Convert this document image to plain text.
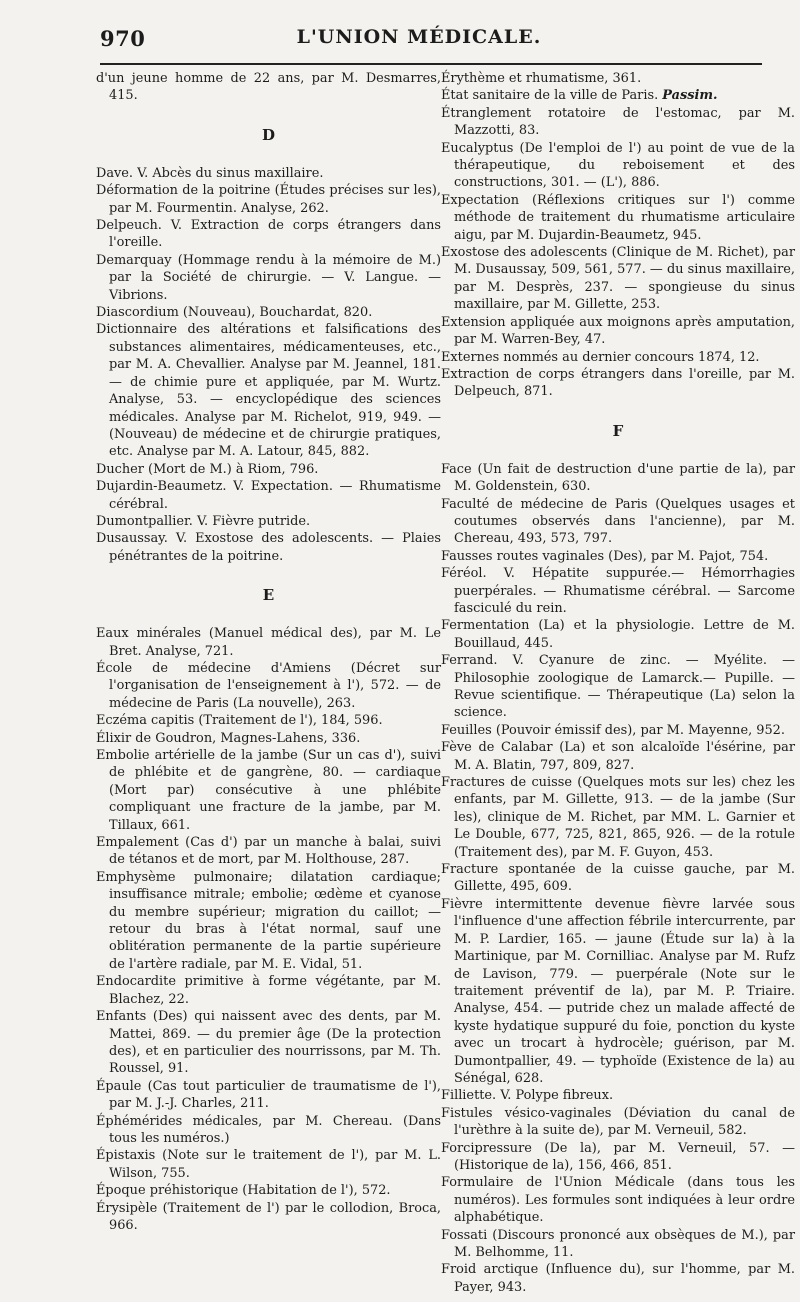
970	L'UNION MÉDICALE.

d'un jeune homme de 22 ans, par M. Desmarres, 415.

D

Dave. V. Abcès du sinus maxillaire.

Déformation de la poitrine (Études précises sur les), par M. Fourmentin. Analyse, 262.

Delpeuch. V. Extraction de corps étrangers dans l'oreille.

Demarquay (Hommage rendu à la mémoire de M.) par la Société de chirurgie. — V. Langue. — Vibrions.

Diascordium (Nouveau), Bouchardat, 820.

Dictionnaire des altérations et falsifications des substances alimentaires, médicamenteuses, etc., par M. A. Chevallier. Analyse par M. Jeannel, 181. — de chimie pure et appliquée, par M. Wurtz. Analyse, 53. — encyclopédique des sciences médicales. Analyse par M. Richelot, 919, 949. — (Nouveau) de médecine et de chirurgie pratiques, etc. Analyse par M. A. Latour, 845, 882.

Ducher (Mort de M.) à Riom, 796.

Dujardin-Beaumetz. V. Expectation. — Rhumatisme cérébral.

Dumontpallier. V. Fièvre putride.

Dusaussay. V. Exostose des adolescents. — Plaies pénétrantes de la poitrine.

E

Eaux minérales (Manuel médical des), par M. Le Bret. Analyse, 721.

École de médecine d'Amiens (Décret sur l'organisation de l'enseignement à l'), 572. — de médecine de Paris (La nouvelle), 263.

Eczéma capitis (Traitement de l'), 184, 596.

Élixir de Goudron, Magnes-Lahens, 336.

Embolie artérielle de la jambe (Sur un cas d'), suivi de phlébite et de gangrène, 80. — cardiaque (Mort par) consécutive à une phlébite compliquant une fracture de la jambe, par M. Tillaux, 661.

Empalement (Cas d') par un manche à balai, suivi de tétanos et de mort, par M. Holthouse, 287.

Emphysème pulmonaire; dilatation cardiaque; insuffisance mitrale; embolie; œdème et cyanose du membre supérieur; migration du caillot; — retour du bras à l'état normal, sauf une oblitération permanente de la partie supérieure de l'artère radiale, par M. E. Vidal, 51.

Endocardite primitive à forme végétante, par M. Blachez, 22.

Enfants (Des) qui naissent avec des dents, par M. Mattei, 869. — du premier âge (De la protection des), et en particulier des nourrissons, par M. Th. Roussel, 91.

Épaule (Cas tout particulier de traumatisme de l'), par M. J.-J. Charles, 211.

Éphémérides médicales, par M. Chereau. (Dans tous les numéros.)

Épistaxis (Note sur le traitement de l'), par M. L. Wilson, 755.

Époque préhistorique (Habitation de l'), 572.

Érysipèle (Traitement de l') par le collodion, Broca, 966.

Érythème et rhumatisme, 361.

État sanitaire de la ville de Paris. Passim.

Étranglement rotatoire de l'estomac, par M. Mazzotti, 83.

Eucalyptus (De l'emploi de l') au point de vue de la thérapeutique, du reboisement et des constructions, 301. — (L'), 886.

Expectation (Réflexions critiques sur l') comme méthode de traitement du rhumatisme articulaire aigu, par M. Dujardin-Beaumetz, 945.

Exostose des adolescents (Clinique de M. Richet), par M. Dusaussay, 509, 561, 577. — du sinus maxillaire, par M. Desprès, 237. — spongieuse du sinus maxillaire, par M. Gillette, 253.

Extension appliquée aux moignons après amputation, par M. Warren-Bey, 47.

Externes nommés au dernier concours 1874, 12.

Extraction de corps étrangers dans l'oreille, par M. Delpeuch, 871.

F

Face (Un fait de destruction d'une partie de la), par M. Goldenstein, 630.

Faculté de médecine de Paris (Quelques usages et coutumes observés dans l'ancienne), par M. Chereau, 493, 573, 797.

Fausses routes vaginales (Des), par M. Pajot, 754.

Féréol. V. Hépatite suppurée.— Hémorrhagies puerpérales. — Rhumatisme cérébral. — Sarcome fasciculé du rein.

Fermentation (La) et la physiologie. Lettre de M. Bouillaud, 445.

Ferrand. V. Cyanure de zinc. — Myélite. — Philosophie zoologique de Lamarck.— Pupille. — Revue scientifique. — Thérapeutique (La) selon la science.

Feuilles (Pouvoir émissif des), par M. Mayenne, 952.

Fève de Calabar (La) et son alcaloïde l'ésérine, par M. A. Blatin, 797, 809, 827.

Fractures de cuisse (Quelques mots sur les) chez les enfants, par M. Gillette, 913. — de la jambe (Sur les), clinique de M. Richet, par MM. L. Garnier et Le Double, 677, 725, 821, 865, 926. — de la rotule (Traitement des), par M. F. Guyon, 453.

Fracture spontanée de la cuisse gauche, par M. Gillette, 495, 609.

Fièvre intermittente devenue fièvre larvée sous l'influence d'une affection fébrile intercurrente, par M. P. Lardier, 165. — jaune (Étude sur la) à la Martinique, par M. Cornilliac. Analyse par M. Rufz de Lavison, 779. — puerpérale (Note sur le traitement préventif de la), par M. P. Triaire. Analyse, 454. — putride chez un malade affecté de kyste hydatique suppuré du foie, ponction du kyste avec un trocart à hydrocèle; guérison, par M. Dumontpallier, 49. — typhoïde (Existence de la) au Sénégal, 628.

Filliette. V. Polype fibreux.

Fistules vésico-vaginales (Déviation du canal de l'urèthre à la suite de), par M. Verneuil, 582.

Forcipressure (De la), par M. Verneuil, 57. — (Historique de la), 156, 466, 851.

Formulaire de l'Union Médicale (dans tous les numéros). Les formules sont indiquées à leur ordre alphabétique.

Fossati (Discours prononcé aux obsèques de M.), par M. Belhomme, 11.

Froid arctique (Influence du), sur l'homme, par M. Payer, 943.
